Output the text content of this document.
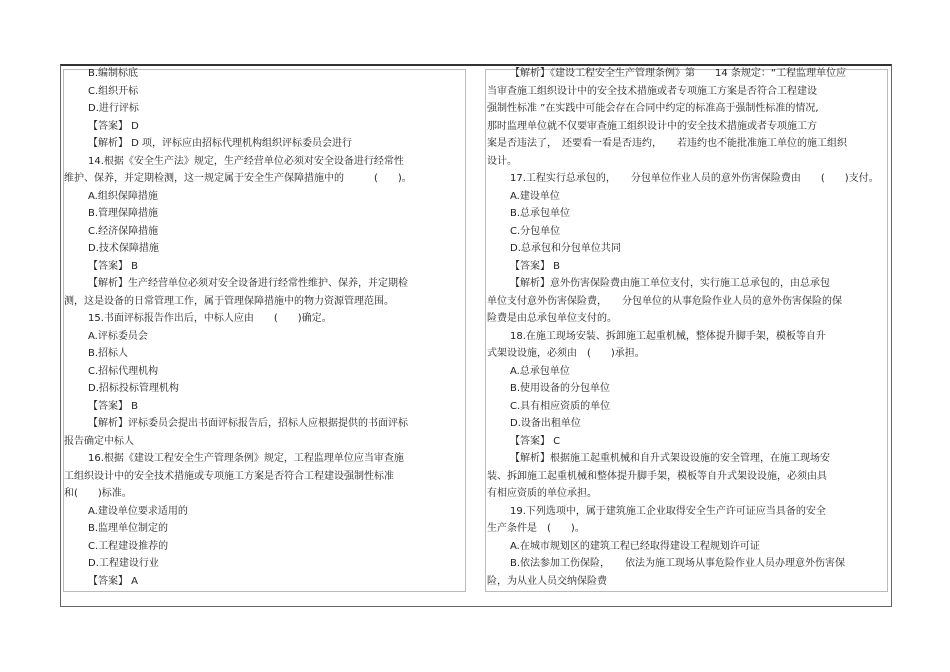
B.编制标底
C.组织开标
D.进行评标
【答案】 D
【解析】 D 项，评标应由招标代理机构组织评标委员会进行
14.根据《安全生产法》规定，生产经营单位必须对安全设备进行经常性
维护、保养，并定期检测，这一规定属于安全生产保障措施中的　　　(　　)。
A.组织保障措施
B.管理保障措施
C.经济保障措施
D.技术保障措施
【答案】 B
【解析】生产经营单位必须对安全设备进行经常性维护、保养，并定期检
测，这是设备的日常管理工作，属于管理保障措施中的物力资源管理范围。
15.书面评标报告作出后，中标人应由　　(　　)确定。
A.评标委员会
B.招标人
C.招标代理机构
D.招标投标管理机构
【答案】 B
【解析】评标委员会提出书面评标报告后，招标人应根据提供的书面评标
报告确定中标人
16.根据《建设工程安全生产管理条例》规定，工程监理单位应当审查施
工组织设计中的安全技术措施或专项施工方案是否符合工程建设强制性标准
和(　　)标准。
A.建设单位要求适用的
B.监理单位制定的
C.工程建设推荐的
D.工程建设行业
【答案】 A
【解析】《建设工程安全生产管理条例》第　　14 条规定：“工程监理单位应
当审查施工组织设计中的安全技术措施或者专项施工方案是否符合工程建设
强制性标准 ”在实践中可能会存在合同中约定的标准高于强制性标准的情况,
那时监理单位就不仅要审查施工组织设计中的安全技术措施或者专项施工方
案是否违法了，　还要看一看是否违约，　　若违约也不能批准施工单位的施工组织
设计。
17.工程实行总承包的，　　分包单位作业人员的意外伤害保险费由　　(　　)支付。
A.建设单位
B.总承包单位
C.分包单位
D.总承包和分包单位共同
【答案】 B
【解析】意外伤害保险费由施工单位支付，实行施工总承包的，由总承包
单位支付意外伤害保险费，　　分包单位的从事危险作业人员的意外伤害保险的保
险费是由总承包单位支付的。
18.在施工现场安装、拆卸施工起重机械，整体提升脚手架，模板等自升
式架设设施，必须由　(　　)承担。
A.总承包单位
B.使用设备的分包单位
C.具有相应资质的单位
D.设备出租单位
【答案】 C
【解析】根据施工起重机械和自升式架设设施的安全管理，在施工现场安
装、拆卸施工起重机械和整体提升脚手架，模板等自升式架设设施，必须由具
有相应资质的单位承担。
19.下列选项中，属于建筑施工企业取得安全生产许可证应当具备的安全
生产条件是　(　　)。
A.在城市规划区的建筑工程已经取得建设工程规划许可证
B.依法参加工伤保险，　　依法为施工现场从事危险作业人员办理意外伤害保
险，为从业人员交纳保险费
